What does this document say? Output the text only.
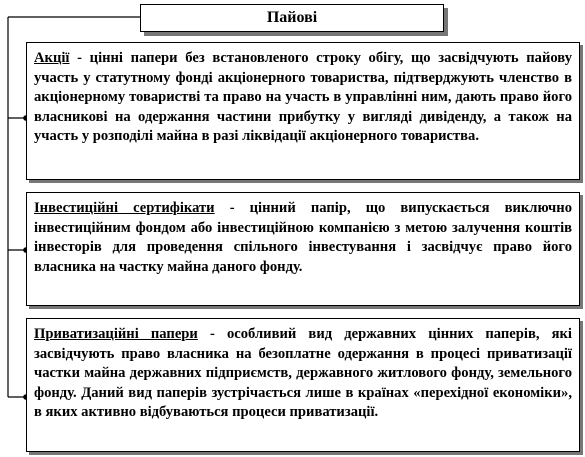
Пайові
Акції - цінні папери без встановленого строку обігу, що засвідчують пайову участь у статутному фонді акціонерного товариства, підтверджують членство в акціонерному товаристві та право на участь в управлінні ним, дають право його власникові на одержання частини прибутку у вигляді дивіденду, а також на участь у розподілі майна в разі ліквідації акціонерного товариства.
Інвестиційні сертифікати - цінний папір, що випускається виключно інвестиційним фондом або інвестиційною компанією з метою залучення коштів інвесторів для проведення спільного інвестування і засвідчує право його власника на частку майна даного фонду.
Приватизаційні папери - особливий вид державних цінних паперів, які засвідчують право власника на безоплатне одержання в процесі приватизації частки майна державних підприємств, державного житлового фонду, земельного фонду. Даний вид паперів зустрічається лише в країнах «перехідної економіки», в яких активно відбуваються процеси приватизації.
